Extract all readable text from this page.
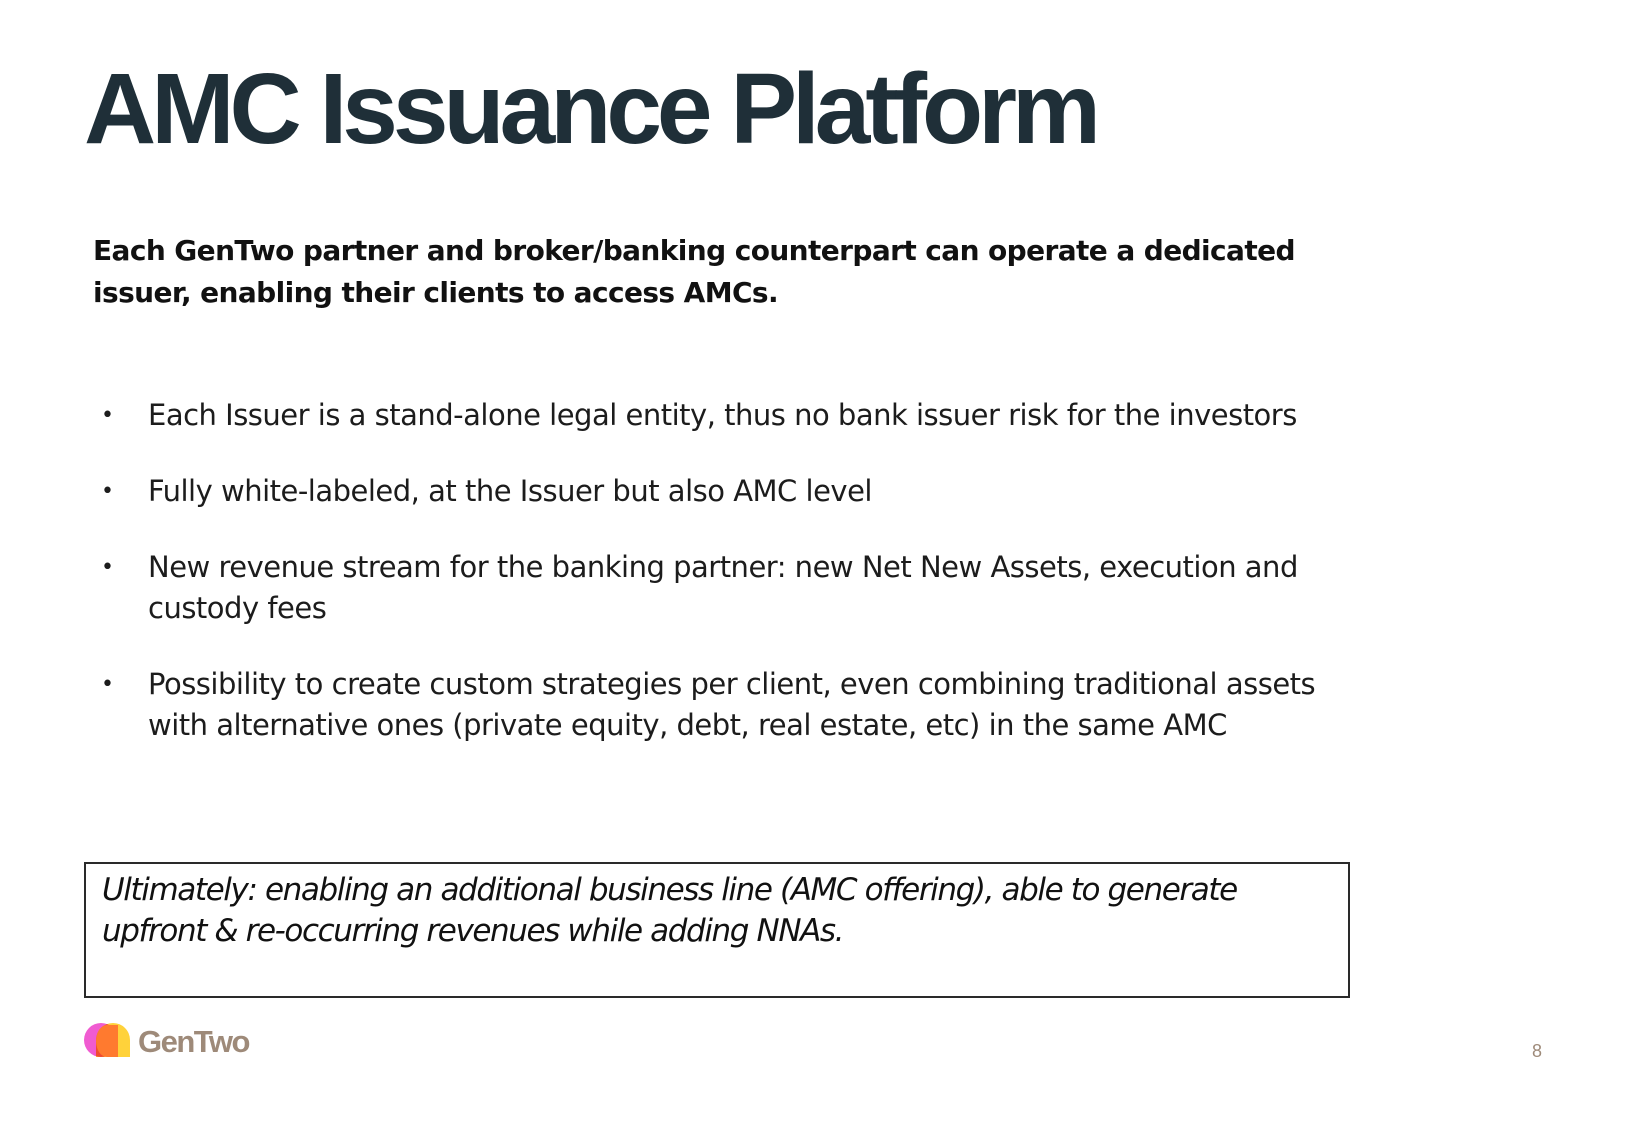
AMC Issuance Platform

Each GenTwo partner and broker/banking counterpart can operate a dedicated issuer, enabling their clients to access AMCs.

• Each Issuer is a stand-alone legal entity, thus no bank issuer risk for the investors
• Fully white-labeled, at the Issuer but also AMC level
• New revenue stream for the banking partner: new Net New Assets, execution and custody fees
• Possibility to create custom strategies per client, even combining traditional assets with alternative ones (private equity, debt, real estate, etc) in the same AMC
Ultimately: enabling an additional business line (AMC offering), able to generate upfront & re-occurring revenues while adding NNAs.
GenTwo	8
